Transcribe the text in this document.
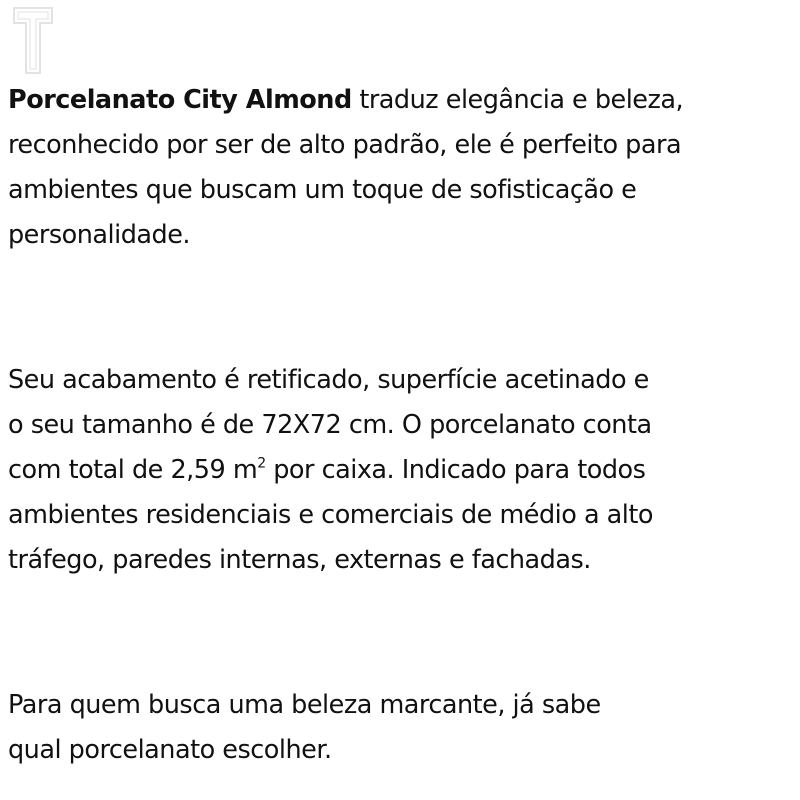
Porcelanato City Almond traduz elegância e beleza,
reconhecido por ser de alto padrão, ele é perfeito para
ambientes que buscam um toque de sofisticação e
personalidade.

Seu acabamento é retificado, superfície acetinado e
o seu tamanho é de 72X72 cm. O porcelanato conta
com total de 2,59 $m^2$ por caixa. Indicado para todos
ambientes residenciais e comerciais de médio a alto
tráfego, paredes internas, externas e fachadas.

Para quem busca uma beleza marcante, já sabe
qual porcelanato escolher.
